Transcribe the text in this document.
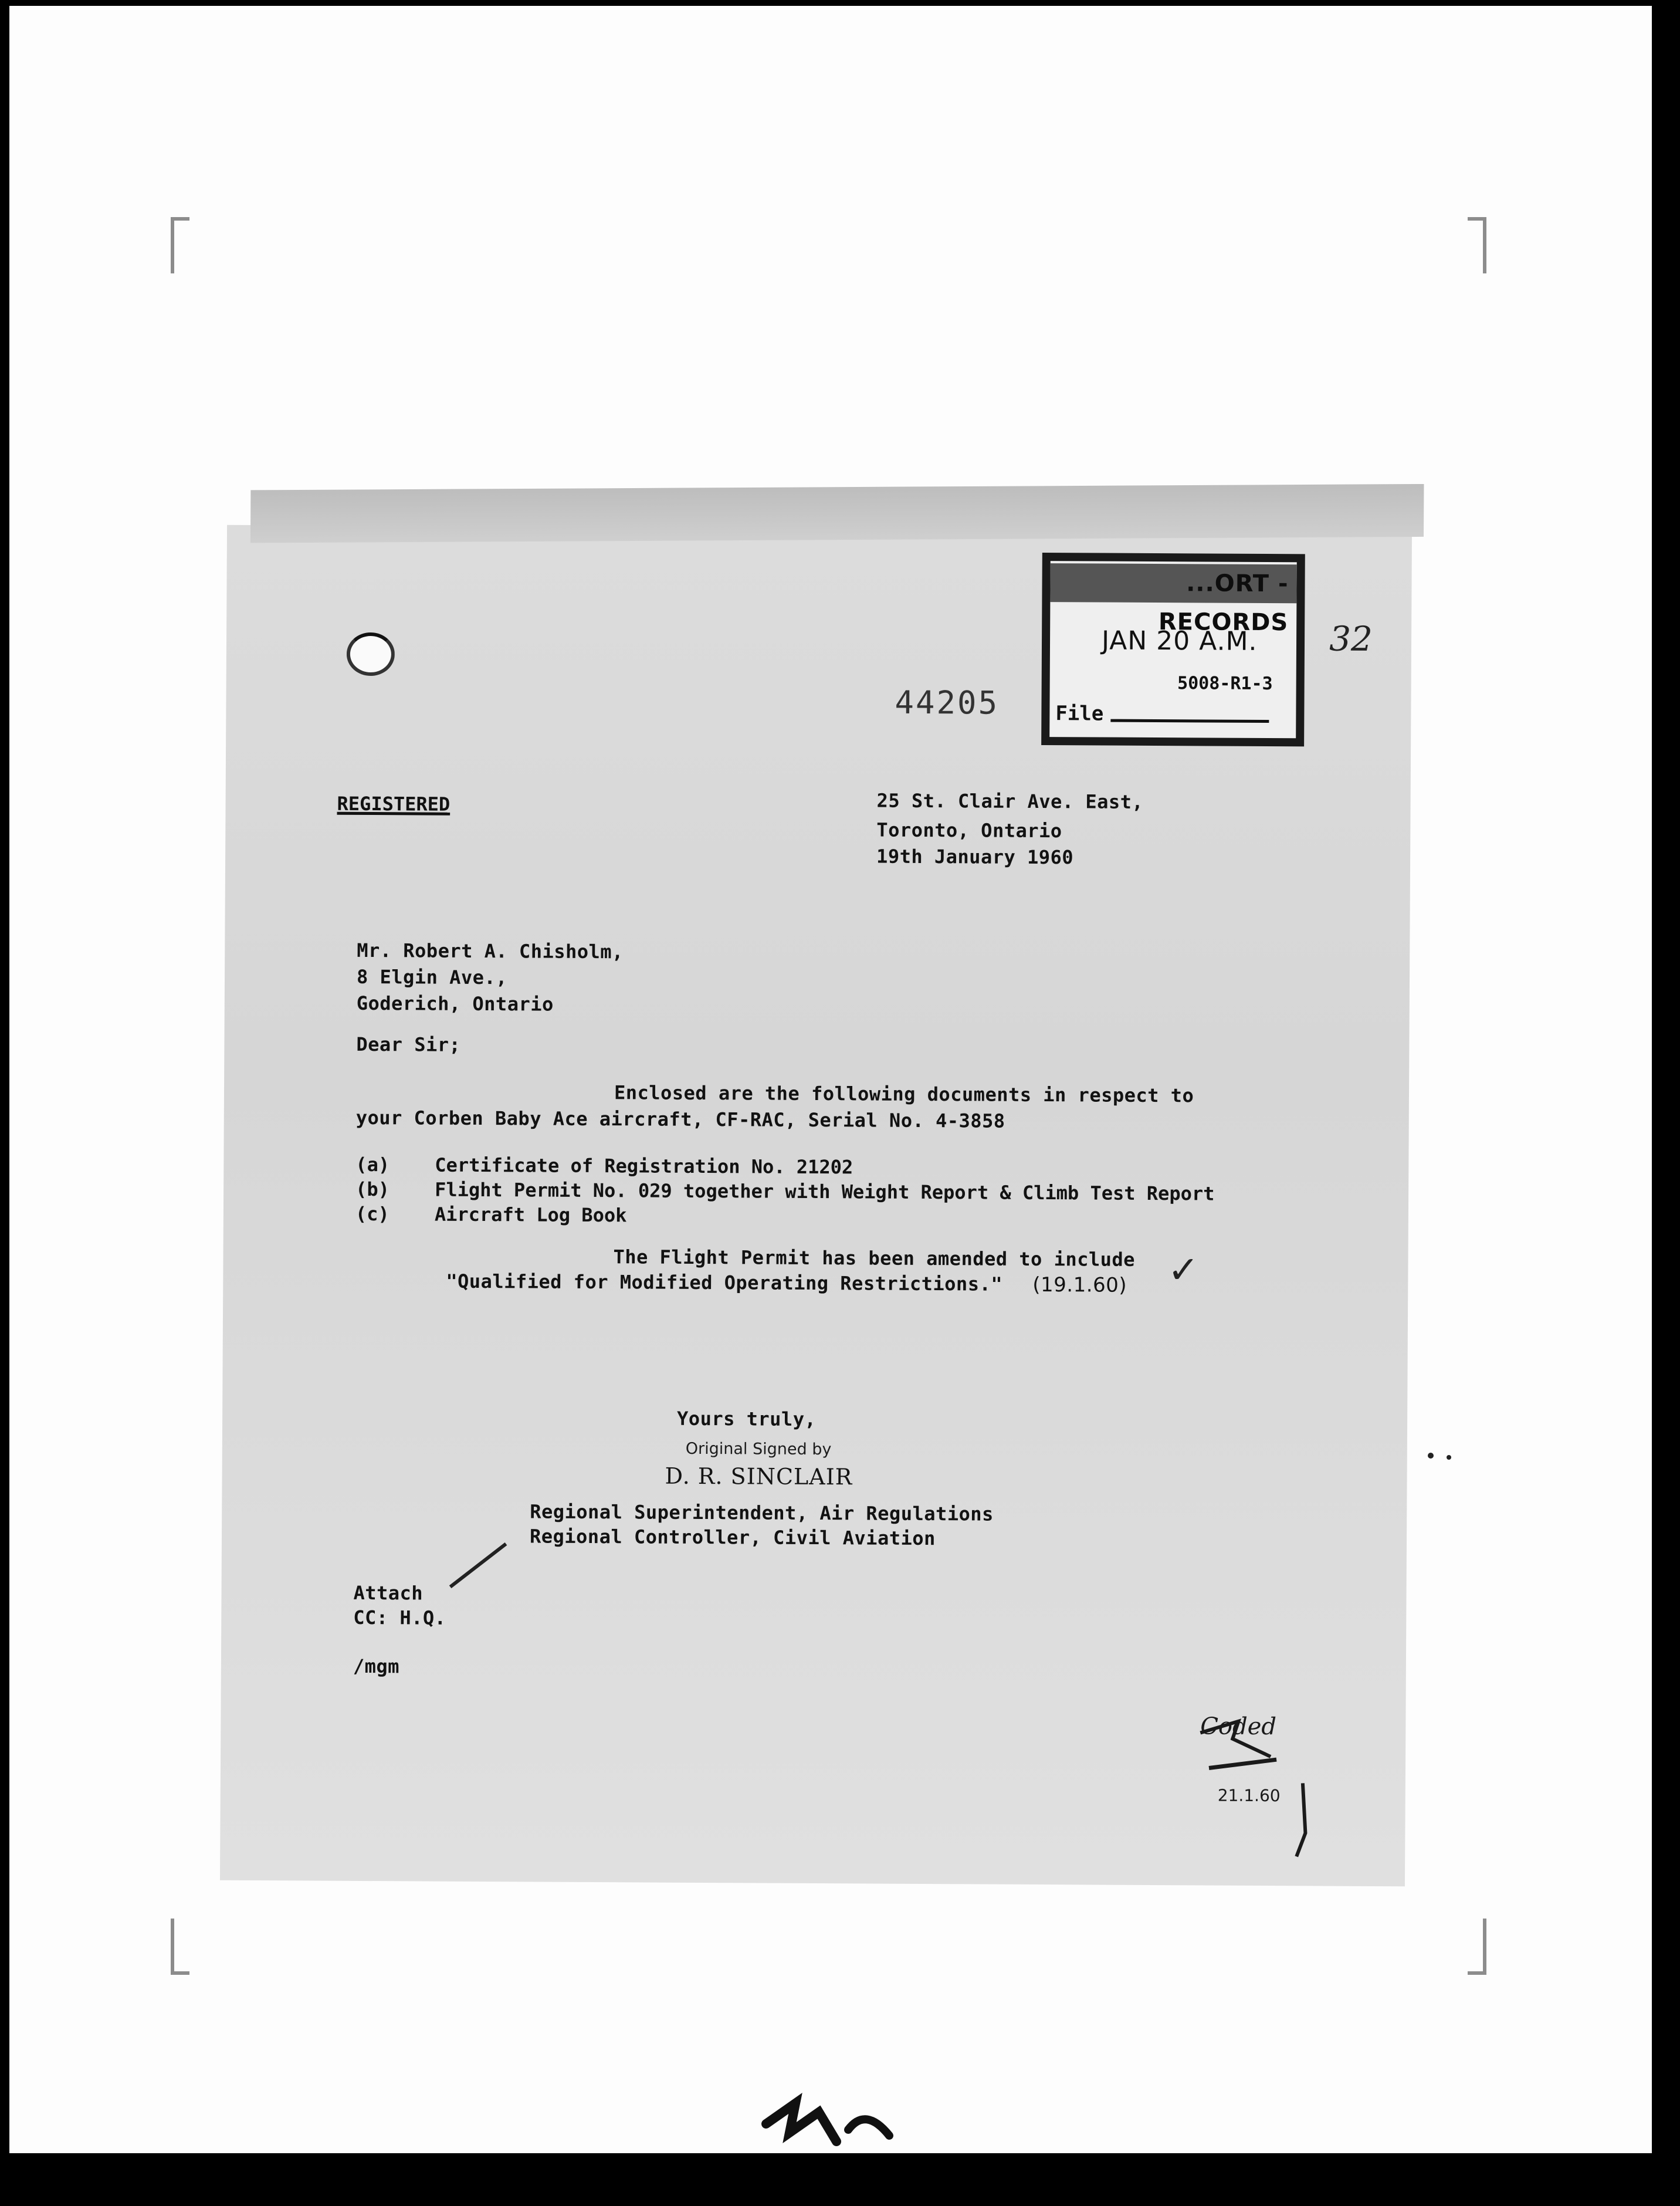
...ORT - RECORDS
JAN 20 A.M.
5008-R1-3
File
44205
32
REGISTERED	25 St. Clair Ave. East,
Toronto, Ontario
19th January 1960
Mr. Robert A. Chisholm,
8 Elgin Ave.,
Goderich, Ontario
Dear Sir;
Enclosed are the following documents in respect to
your Corben Baby Ace aircraft, CF-RAC, Serial No. 4-3858
(a) Certificate of Registration No. 21202
(b) Flight Permit No. 029 together with Weight Report & Climb Test Report
(c) Aircraft Log Book
The Flight Permit has been amended to include
"Qualified for Modified Operating Restrictions." (19.1.60) ✓
Yours truly,
Original Signed by
D. R. SINCLAIR
Regional Superintendent, Air Regulations
Regional Controller, Civil Aviation
Attach
CC: H.Q.
/mgm
Coded
21.1.60
